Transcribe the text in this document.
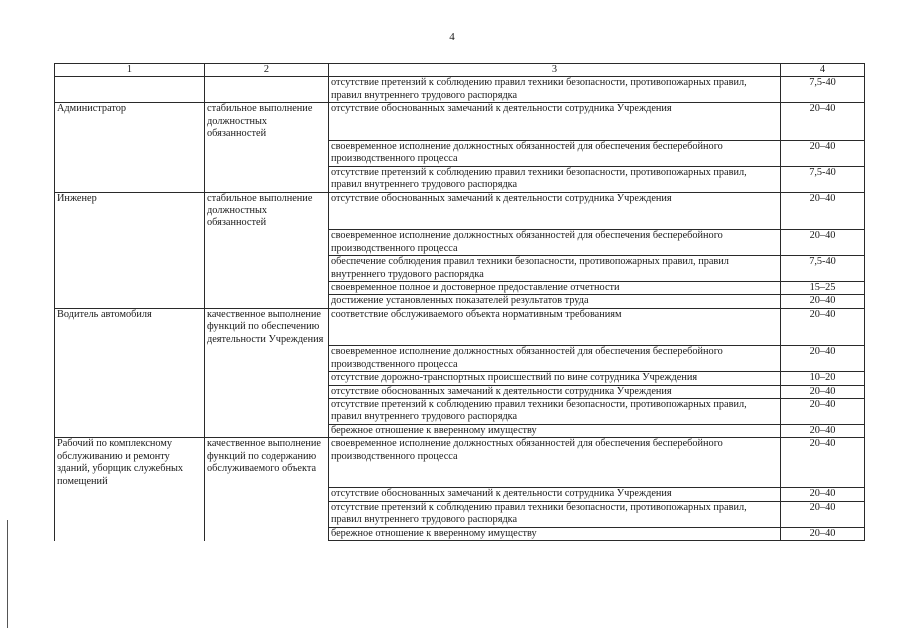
4
1	2	3	4
		отсутствие претензий к соблюдению правил техники безопасности, противопожарных правил, правил внутреннего трудового распорядка	7,5-40
Администратор	стабильное выполнение должностных обязанностей	отсутствие обоснованных замечаний к деятельности сотрудника Учреждения	20–40
		своевременное исполнение должностных обязанностей для обеспечения бесперебойного производственного процесса	20–40
		отсутствие претензий к соблюдению правил техники безопасности, противопожарных правил, правил внутреннего трудового распорядка	7,5-40
Инженер	стабильное выполнение должностных обязанностей	отсутствие обоснованных замечаний к деятельности сотрудника Учреждения	20–40
		своевременное исполнение должностных обязанностей для обеспечения бесперебойного производственного процесса	20–40
		обеспечение соблюдения правил техники безопасности, противопожарных правил, правил внутреннего трудового распорядка	7,5-40
		своевременное полное и достоверное предоставление отчетности	15–25
		достижение установленных показателей результатов труда	20–40
Водитель автомобиля	качественное выполнение функций по обеспечению деятельности Учреждения	соответствие обслуживаемого объекта нормативным требованиям	20–40
		своевременное исполнение должностных обязанностей для обеспечения бесперебойного производственного процесса	20–40
		отсутствие дорожно-транспортных происшествий по вине сотрудника Учреждения	10–20
		отсутствие обоснованных замечаний к деятельности сотрудника Учреждения	20–40
		отсутствие претензий к соблюдению правил техники безопасности, противопожарных правил, правил внутреннего трудового распорядка	20–40
		бережное отношение к вверенному имуществу	20–40
Рабочий по комплексному обслуживанию и ремонту зданий, уборщик служебных помещений	качественное выполнение функций по содержанию обслуживаемого объекта	своевременное исполнение должностных обязанностей для обеспечения бесперебойного производственного процесса	20–40
		отсутствие обоснованных замечаний к деятельности сотрудника Учреждения	20–40
		отсутствие претензий к соблюдению правил техники безопасности, противопожарных правил, правил внутреннего трудового распорядка	20–40
		бережное отношение к вверенному имуществу	20–40
